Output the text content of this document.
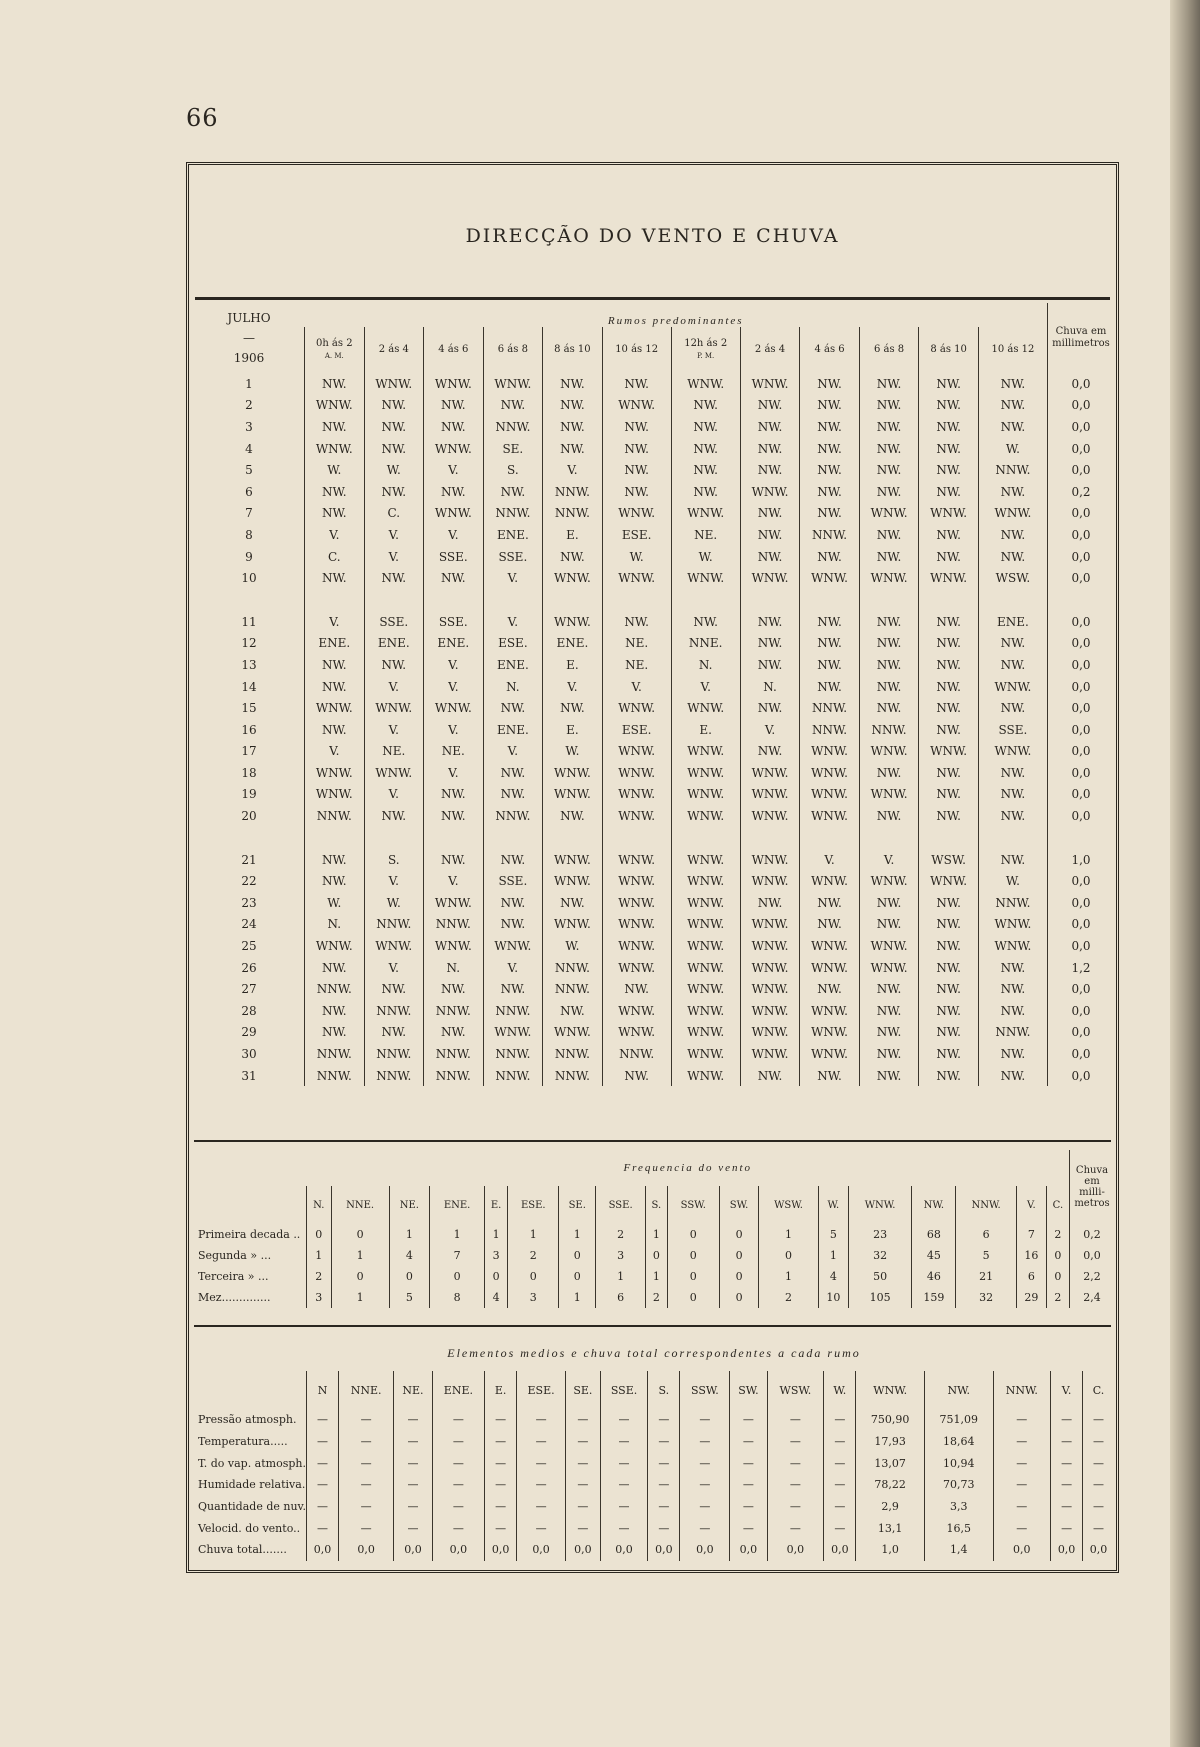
66
DIRECÇÃO DO VENTO E CHUVA
JULHO
—
1906	Rumos predominantes												Chuva em millimetros
	0h ás 2
A. M.	2 ás 4	4 ás 6	6 ás 8	8 ás 10	10 ás 12	12h ás 2
P. M.	2 ás 4	4 ás 6	6 ás 8	8 ás 10	10 ás 12	

1	NW.	WNW.	WNW.	WNW.	NW.	NW.	WNW.	WNW.	NW.	NW.	NW.	NW.	0,0
2	WNW.	NW.	NW.	NW.	NW.	WNW.	NW.	NW.	NW.	NW.	NW.	NW.	0,0
3	NW.	NW.	NW.	NNW.	NW.	NW.	NW.	NW.	NW.	NW.	NW.	NW.	0,0
4	WNW.	NW.	WNW.	SE.	NW.	NW.	NW.	NW.	NW.	NW.	NW.	W.	0,0
5	W.	W.	V.	S.	V.	NW.	NW.	NW.	NW.	NW.	NW.	NNW.	0,0
6	NW.	NW.	NW.	NW.	NNW.	NW.	NW.	WNW.	NW.	NW.	NW.	NW.	0,2
7	NW.	C.	WNW.	NNW.	NNW.	WNW.	WNW.	NW.	NW.	WNW.	WNW.	WNW.	0,0
8	V.	V.	V.	ENE.	E.	ESE.	NE.	NW.	NNW.	NW.	NW.	NW.	0,0
9	C.	V.	SSE.	SSE.	NW.	W.	W.	NW.	NW.	NW.	NW.	NW.	0,0
10	NW.	NW.	NW.	V.	WNW.	WNW.	WNW.	WNW.	WNW.	WNW.	WNW.	WSW.	0,0

11	V.	SSE.	SSE.	V.	WNW.	NW.	NW.	NW.	NW.	NW.	NW.	ENE.	0,0
12	ENE.	ENE.	ENE.	ESE.	ENE.	NE.	NNE.	NW.	NW.	NW.	NW.	NW.	0,0
13	NW.	NW.	V.	ENE.	E.	NE.	N.	NW.	NW.	NW.	NW.	NW.	0,0
14	NW.	V.	V.	N.	V.	V.	V.	N.	NW.	NW.	NW.	WNW.	0,0
15	WNW.	WNW.	WNW.	NW.	NW.	WNW.	WNW.	NW.	NNW.	NW.	NW.	NW.	0,0
16	NW.	V.	V.	ENE.	E.	ESE.	E.	V.	NNW.	NNW.	NW.	SSE.	0,0
17	V.	NE.	NE.	V.	W.	WNW.	WNW.	NW.	WNW.	WNW.	WNW.	WNW.	0,0
18	WNW.	WNW.	V.	NW.	WNW.	WNW.	WNW.	WNW.	WNW.	NW.	NW.	NW.	0,0
19	WNW.	V.	NW.	NW.	WNW.	WNW.	WNW.	WNW.	WNW.	WNW.	NW.	NW.	0,0
20	NNW.	NW.	NW.	NNW.	NW.	WNW.	WNW.	WNW.	WNW.	NW.	NW.	NW.	0,0

21	NW.	S.	NW.	NW.	WNW.	WNW.	WNW.	WNW.	V.	V.	WSW.	NW.	1,0
22	NW.	V.	V.	SSE.	WNW.	WNW.	WNW.	WNW.	WNW.	WNW.	WNW.	W.	0,0
23	W.	W.	WNW.	NW.	NW.	WNW.	WNW.	NW.	NW.	NW.	NW.	NNW.	0,0
24	N.	NNW.	NNW.	NW.	WNW.	WNW.	WNW.	WNW.	NW.	NW.	NW.	WNW.	0,0
25	WNW.	WNW.	WNW.	WNW.	W.	WNW.	WNW.	WNW.	WNW.	WNW.	NW.	WNW.	0,0
26	NW.	V.	N.	V.	NNW.	WNW.	WNW.	WNW.	WNW.	WNW.	NW.	NW.	1,2
27	NNW.	NW.	NW.	NW.	NNW.	NW.	WNW.	WNW.	NW.	NW.	NW.	NW.	0,0
28	NW.	NNW.	NNW.	NNW.	NW.	WNW.	WNW.	WNW.	WNW.	NW.	NW.	NW.	0,0
29	NW.	NW.	NW.	WNW.	WNW.	WNW.	WNW.	WNW.	WNW.	NW.	NW.	NNW.	0,0
30	NNW.	NNW.	NNW.	NNW.	NNW.	NNW.	WNW.	WNW.	WNW.	NW.	NW.	NW.	0,0
31	NNW.	NNW.	NNW.	NNW.	NNW.	NW.	WNW.	NW.	NW.	NW.	NW.	NW.	0,0
	Frequencia do vento																		Chuva
em
milli-
metros

	N.	NNE.	NE.	ENE.	E.	ESE.	SE.	SSE.	S.	SSW.	SW.	WSW.	W.	WNW.	NW.	NNW.	V.	C.	
Primeira decada ..	0	0	1	1	1	1	1	2	1	0	0	1	5	23	68	6	7	2	0,2
Segunda » ...	1	1	4	7	3	2	0	3	0	0	0	0	1	32	45	5	16	0	0,0
Terceira » ...	2	0	0	0	0	0	0	1	1	0	0	1	4	50	46	21	6	0	2,2
Mez..............	3	1	5	8	4	3	1	6	2	0	0	2	10	105	159	32	29	2	2,4
Elementos medios e chuva total correspondentes a cada rumo																		
	N	NNE.	NE.	ENE.	E.	ESE.	SE.	SSE.	S.	SSW.	SW.	WSW.	W.	WNW.	NW.	NNW.	V.	C.
Pressão atmosph.	—	—	—	—	—	—	—	—	—	—	—	—	—	750,90	751,09	—	—	—
Temperatura.....	—	—	—	—	—	—	—	—	—	—	—	—	—	17,93	18,64	—	—	—
T. do vap. atmosph.	—	—	—	—	—	—	—	—	—	—	—	—	—	13,07	10,94	—	—	—
Humidade relativa.	—	—	—	—	—	—	—	—	—	—	—	—	—	78,22	70,73	—	—	—
Quantidade de nuv.	—	—	—	—	—	—	—	—	—	—	—	—	—	2,9	3,3	—	—	—
Velocid. do vento..	—	—	—	—	—	—	—	—	—	—	—	—	—	13,1	16,5	—	—	—
Chuva total.......	0,0	0,0	0,0	0,0	0,0	0,0	0,0	0,0	0,0	0,0	0,0	0,0	0,0	1,0	1,4	0,0	0,0	0,0
